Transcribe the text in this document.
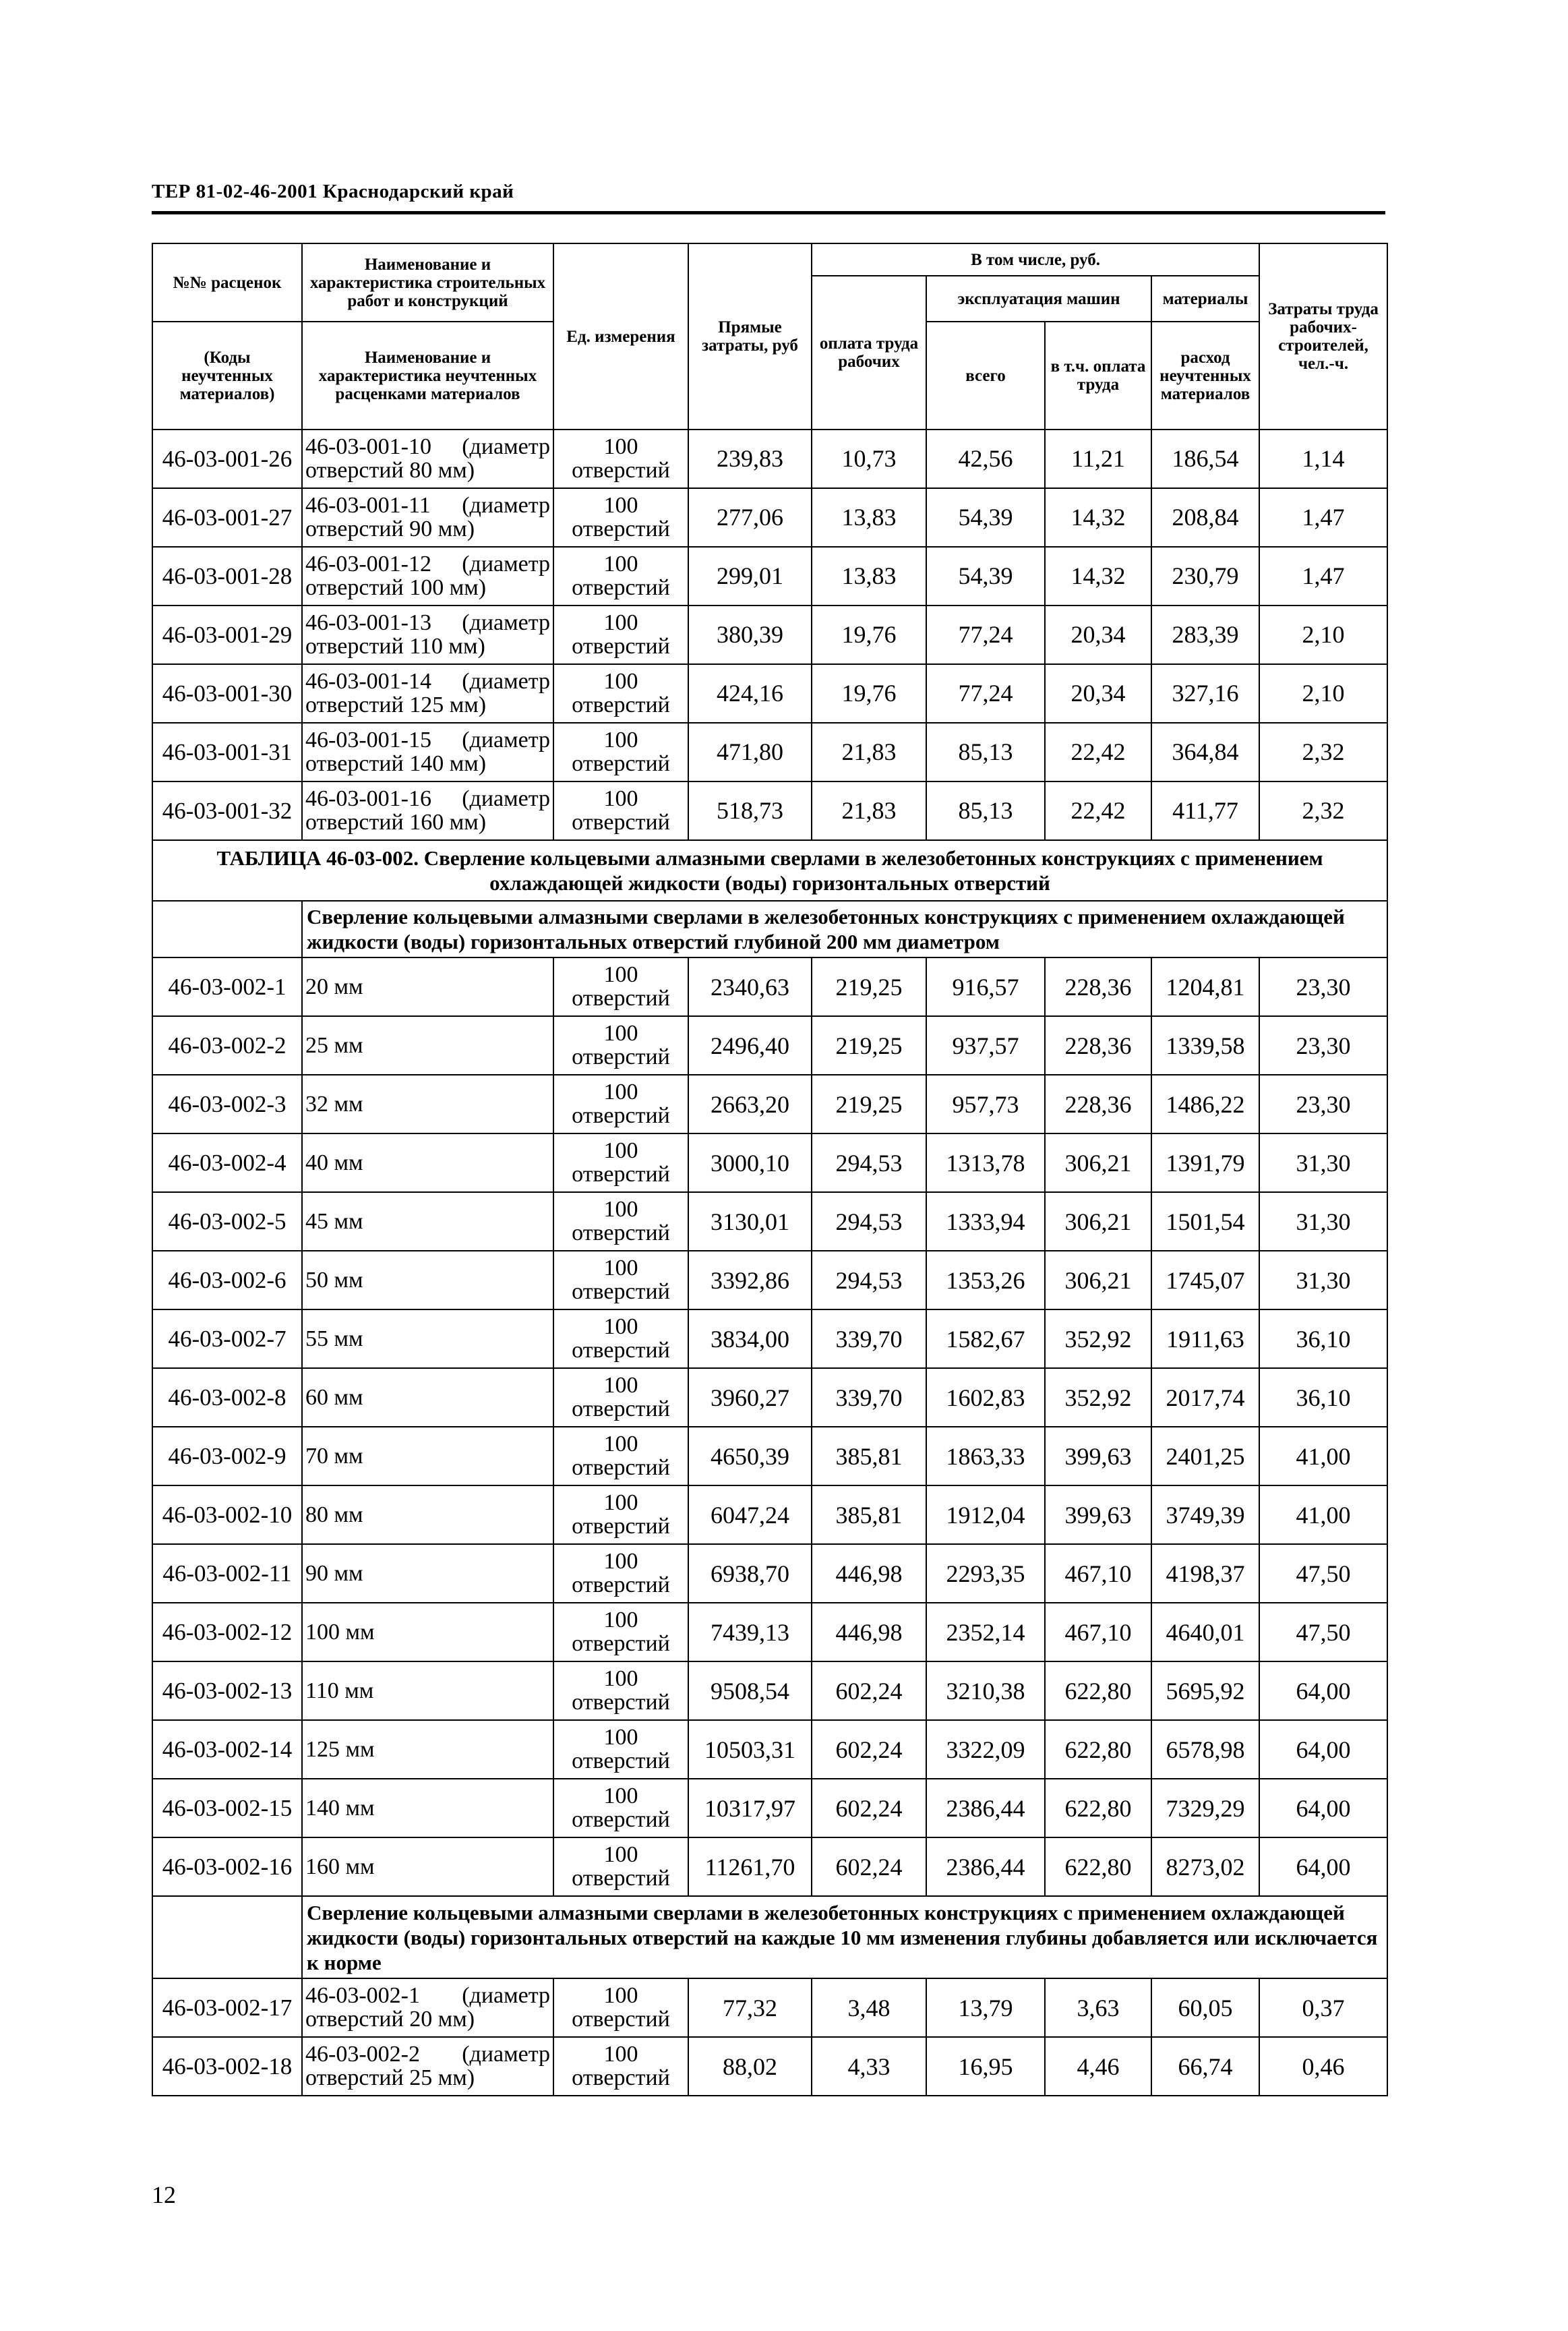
ТЕР 81-02-46-2001 Краснодарский край
№№ расценок	Наименование и характеристика строительных работ и конструкций	Ед. измерения	Прямые затраты, руб	В том числе, руб.				Затраты труда рабочих-строителей, чел.-ч.
				оплата труда рабочих	эксплуатация машин		материалы	
(Коды неучтенных материалов)	Наименование и характеристика неучтенных расценками материалов				всего	в т.ч. оплата труда	расход неучтенных материалов	

46-03-001-26	46-03-001-10 (диаметр отверстий 80 мм)	100 отверстий	239,83	10,73	42,56	11,21	186,54	1,14
46-03-001-27	46-03-001-11 (диаметр отверстий 90 мм)	100 отверстий	277,06	13,83	54,39	14,32	208,84	1,47
46-03-001-28	46-03-001-12 (диаметр отверстий 100 мм)	100 отверстий	299,01	13,83	54,39	14,32	230,79	1,47
46-03-001-29	46-03-001-13 (диаметр отверстий 110 мм)	100 отверстий	380,39	19,76	77,24	20,34	283,39	2,10
46-03-001-30	46-03-001-14 (диаметр отверстий 125 мм)	100 отверстий	424,16	19,76	77,24	20,34	327,16	2,10
46-03-001-31	46-03-001-15 (диаметр отверстий 140 мм)	100 отверстий	471,80	21,83	85,13	22,42	364,84	2,32
46-03-001-32	46-03-001-16 (диаметр отверстий 160 мм)	100 отверстий	518,73	21,83	85,13	22,42	411,77	2,32
ТАБЛИЦА 46-03-002. Сверление кольцевыми алмазными сверлами в железобетонных конструкциях с применением охлаждающей жидкости (воды) горизонтальных отверстий								
	Сверление кольцевыми алмазными сверлами в железобетонных конструкциях с применением охлаждающей жидкости (воды) горизонтальных отверстий глубиной 200 мм диаметром							
46-03-002-1	20 мм	100 отверстий	2340,63	219,25	916,57	228,36	1204,81	23,30
46-03-002-2	25 мм	100 отверстий	2496,40	219,25	937,57	228,36	1339,58	23,30
46-03-002-3	32 мм	100 отверстий	2663,20	219,25	957,73	228,36	1486,22	23,30
46-03-002-4	40 мм	100 отверстий	3000,10	294,53	1313,78	306,21	1391,79	31,30
46-03-002-5	45 мм	100 отверстий	3130,01	294,53	1333,94	306,21	1501,54	31,30
46-03-002-6	50 мм	100 отверстий	3392,86	294,53	1353,26	306,21	1745,07	31,30
46-03-002-7	55 мм	100 отверстий	3834,00	339,70	1582,67	352,92	1911,63	36,10
46-03-002-8	60 мм	100 отверстий	3960,27	339,70	1602,83	352,92	2017,74	36,10
46-03-002-9	70 мм	100 отверстий	4650,39	385,81	1863,33	399,63	2401,25	41,00
46-03-002-10	80 мм	100 отверстий	6047,24	385,81	1912,04	399,63	3749,39	41,00
46-03-002-11	90 мм	100 отверстий	6938,70	446,98	2293,35	467,10	4198,37	47,50
46-03-002-12	100 мм	100 отверстий	7439,13	446,98	2352,14	467,10	4640,01	47,50
46-03-002-13	110 мм	100 отверстий	9508,54	602,24	3210,38	622,80	5695,92	64,00
46-03-002-14	125 мм	100 отверстий	10503,31	602,24	3322,09	622,80	6578,98	64,00
46-03-002-15	140 мм	100 отверстий	10317,97	602,24	2386,44	622,80	7329,29	64,00
46-03-002-16	160 мм	100 отверстий	11261,70	602,24	2386,44	622,80	8273,02	64,00
	Сверление кольцевыми алмазными сверлами в железобетонных конструкциях с применением охлаждающей жидкости (воды) горизонтальных отверстий на каждые 10 мм изменения глубины добавляется или исключается к норме							
46-03-002-17	46-03-002-1 (диаметр отверстий 20 мм)	100 отверстий	77,32	3,48	13,79	3,63	60,05	0,37
46-03-002-18	46-03-002-2 (диаметр отверстий 25 мм)	100 отверстий	88,02	4,33	16,95	4,46	66,74	0,46
12
